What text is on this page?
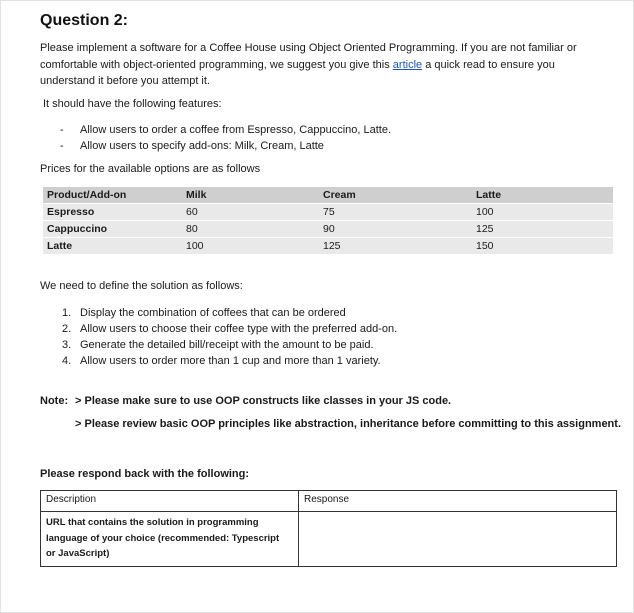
Question 2:
Please implement a software for a Coffee House using Object Oriented Programming. If you are not familiar or comfortable with object-oriented programming, we suggest you give this article a quick read to ensure you understand it before you attempt it.
It should have the following features:
-	Allow users to order a coffee from Espresso, Cappuccino, Latte.
-	Allow users to specify add-ons: Milk, Cream, Latte
Prices for the available options are as follows
Product/Add-on	Milk	Cream	Latte
Espresso	60	75	100
Cappuccino	80	90	125
Latte	100	125	150
We need to define the solution as follows:
1. Display the combination of coffees that can be ordered
2. Allow users to choose their coffee type with the preferred add-on.
3. Generate the detailed bill/receipt with the amount to be paid.
4. Allow users to order more than 1 cup and more than 1 variety.
Note: > Please make sure to use OOP constructs like classes in your JS code.
> Please review basic OOP principles like abstraction, inheritance before committing to this assignment.
Please respond back with the following:
Description	Response

URL that contains the solution in programming
language of your choice (recommended: Typescript
or JavaScript)	
